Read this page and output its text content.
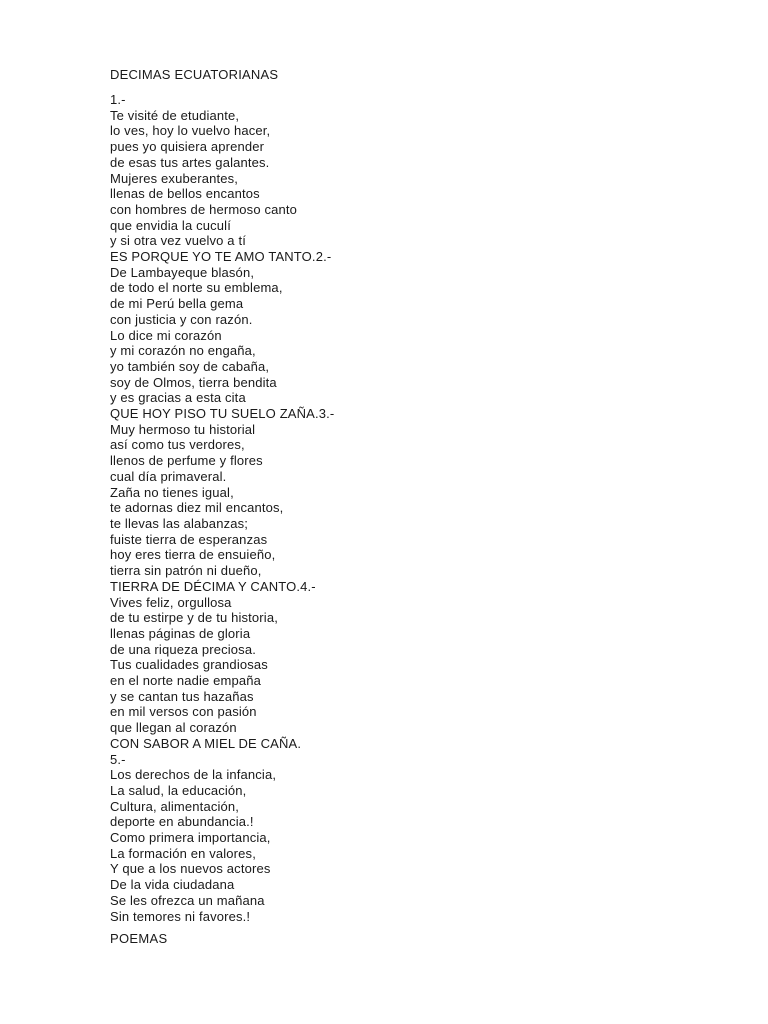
DECIMAS ECUATORIANAS
1.-
Te visité de etudiante,
lo ves, hoy lo vuelvo hacer,
pues yo quisiera aprender
de esas tus artes galantes.
Mujeres exuberantes,
llenas de bellos encantos
con hombres de hermoso canto
que envidia la cuculí
y si otra vez vuelvo a tí
ES PORQUE YO TE AMO TANTO.2.-
De Lambayeque blasón,
de todo el norte su emblema,
de mi Perú bella gema
con justicia y con razón.
Lo dice mi corazón
y mi corazón no engaña,
yo también soy de cabaña,
soy de Olmos, tierra bendita
y es gracias a esta cita
QUE HOY PISO TU SUELO ZAÑA.3.-
Muy hermoso tu historial
así como tus verdores,
llenos de perfume y flores
cual día primaveral.
Zaña no tienes igual,
te adornas diez mil encantos,
te llevas las alabanzas;
fuiste tierra de esperanzas
hoy eres tierra de ensuieño,
tierra sin patrón ni dueño,
TIERRA DE DÉCIMA Y CANTO.4.-
Vives feliz, orgullosa
de tu estirpe y de tu historia,
llenas páginas de gloria
de una riqueza preciosa.
Tus cualidades grandiosas
en el norte nadie empaña
y se cantan tus hazañas
en mil versos con pasión
que llegan al corazón
CON SABOR A MIEL DE CAÑA.
5.-
Los derechos de la infancia,
La salud, la educación,
Cultura, alimentación,
deporte en abundancia.!
Como primera importancia,
La formación en valores,
Y que a los nuevos actores
De la vida ciudadana
Se les ofrezca un mañana
Sin temores ni favores.!
POEMAS
